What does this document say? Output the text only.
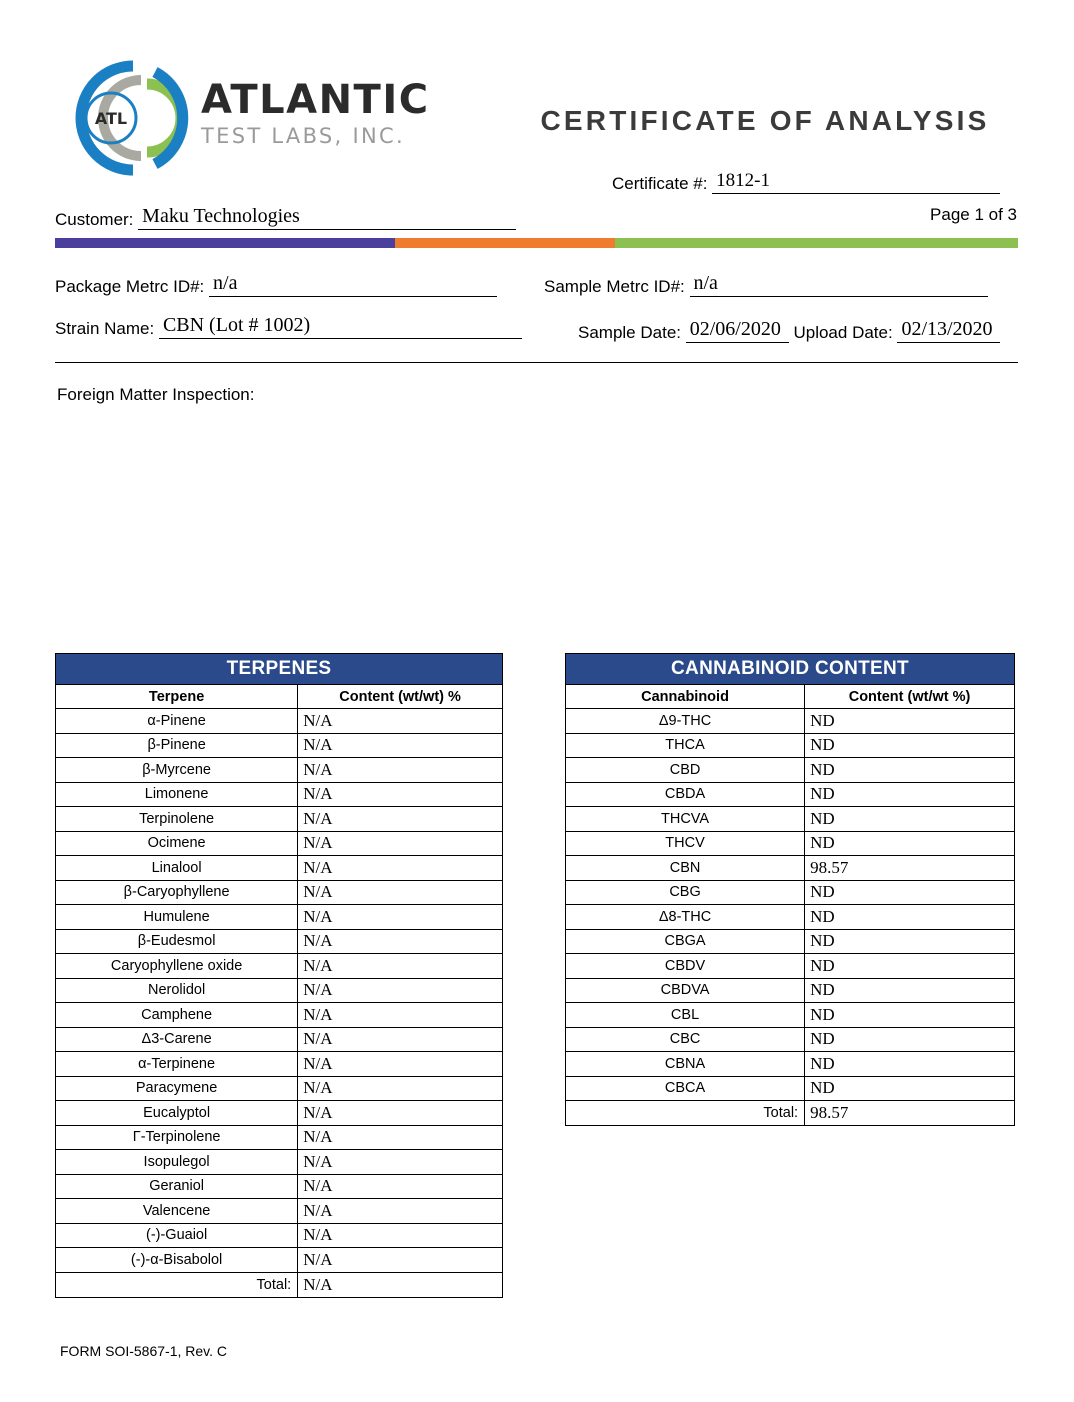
ATL ATLANTIC
TEST LABS, INC.	CERTIFICATE OF ANALYSIS
Certificate #: 1812-1
Customer: Maku Technologies	Page 1 of 3
Package Metrc ID#: n/a	Sample Metrc ID#: n/a
Strain Name: CBN (Lot # 1002)	Sample Date: 02/06/2020 Upload Date: 02/13/2020
Foreign Matter Inspection:
TERPENES	
Terpene	Content (wt/wt) %
α-Pinene	N/A
β-Pinene	N/A
β-Myrcene	N/A
Limonene	N/A
Terpinolene	N/A
Ocimene	N/A
Linalool	N/A
β-Caryophyllene	N/A
Humulene	N/A
β-Eudesmol	N/A
Caryophyllene oxide	N/A
Nerolidol	N/A
Camphene	N/A
Δ3-Carene	N/A
α-Terpinene	N/A
Paracymene	N/A
Eucalyptol	N/A
Γ-Terpinolene	N/A
Isopulegol	N/A
Geraniol	N/A
Valencene	N/A
(-)-Guaiol	N/A
(-)-α-Bisabolol	N/A
Total:	N/A
CANNABINOID CONTENT	
Cannabinoid	Content (wt/wt %)
Δ9-THC	ND
THCA	ND
CBD	ND
CBDA	ND
THCVA	ND
THCV	ND
CBN	98.57
CBG	ND
Δ8-THC	ND
CBGA	ND
CBDV	ND
CBDVA	ND
CBL	ND
CBC	ND
CBNA	ND
CBCA	ND
Total:	98.57
FORM SOI-5867-1, Rev. C
